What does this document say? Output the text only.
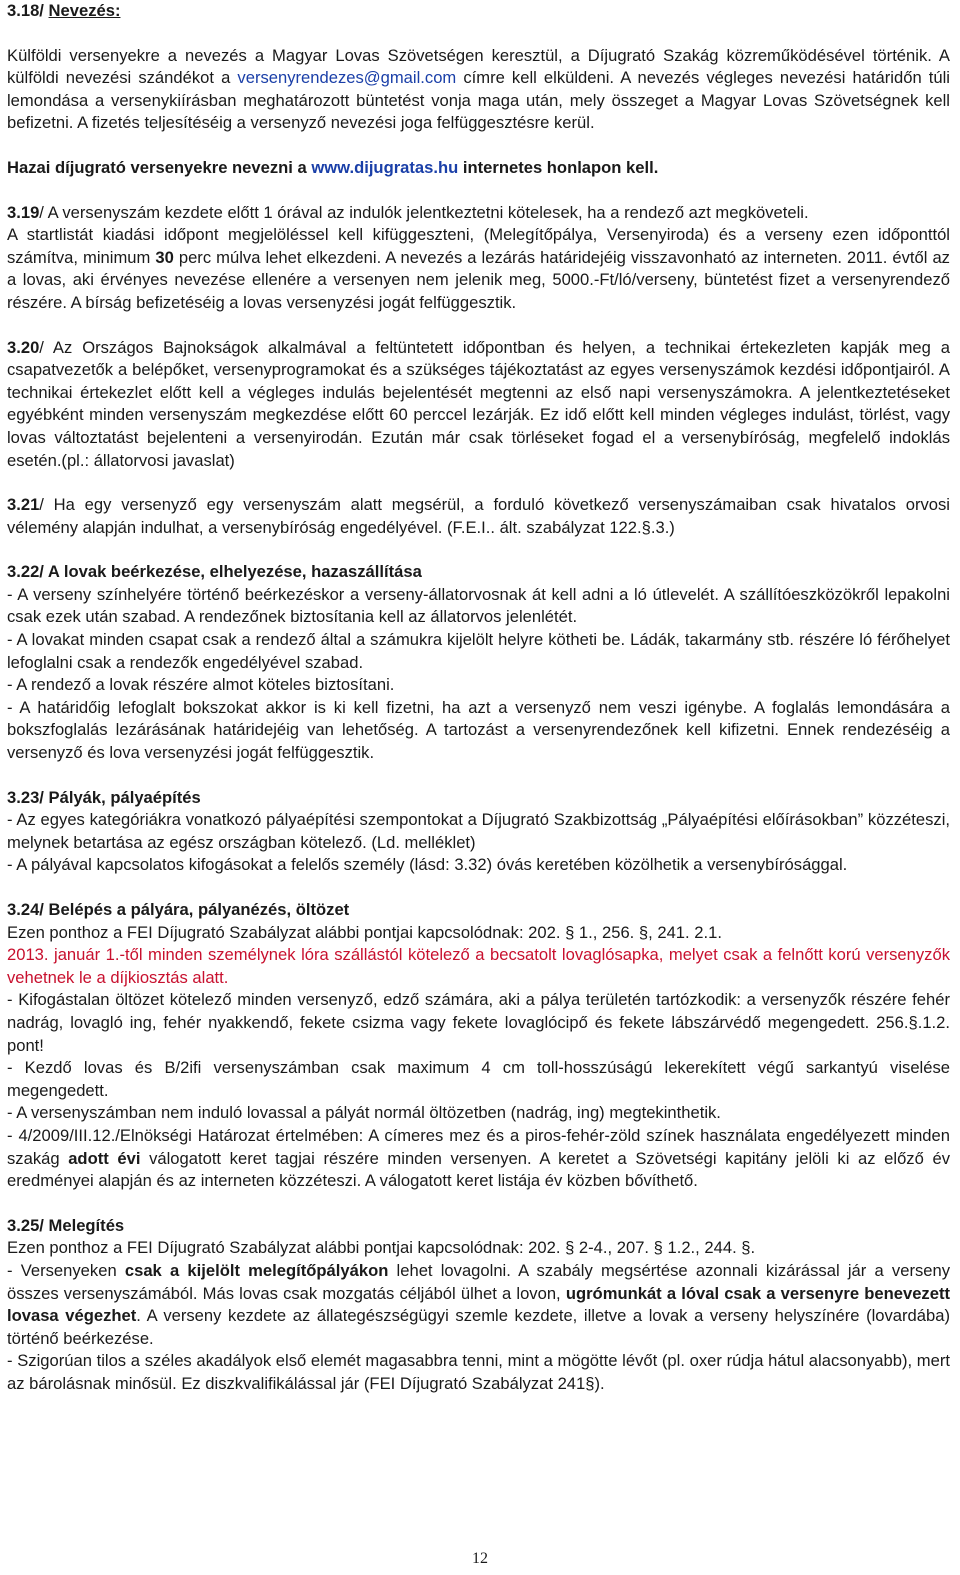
3.18/ Nevezés:

Külföldi versenyekre a nevezés a Magyar Lovas Szövetségen keresztül, a Díjugrató Szakág közreműködésével történik. A külföldi nevezési szándékot a versenyrendezes@gmail.com címre kell elküldeni. A nevezés végleges nevezési határidőn túli lemondása a versenykiírásban meghatározott büntetést vonja maga után, mely összeget a Magyar Lovas Szövetségnek kell befizetni. A fizetés teljesítéséig a versenyző nevezési joga felfüggesztésre kerül.

Hazai díjugrató versenyekre nevezni a www.dijugratas.hu internetes honlapon kell.

3.19/ A versenyszám kezdete előtt 1 órával az indulók jelentkeztetni kötelesek, ha a rendező azt megköveteli.

A startlistát kiadási időpont megjelöléssel kell kifüggeszteni, (Melegítőpálya, Versenyiroda) és a verseny ezen időponttól számítva, minimum 30 perc múlva lehet elkezdeni. A nevezés a lezárás határidejéig visszavonható az interneten. 2011. évtől az a lovas, aki érvényes nevezése ellenére a versenyen nem jelenik meg, 5000.-Ft/ló/verseny, büntetést fizet a versenyrendező részére. A bírság befizetéséig a lovas versenyzési jogát felfüggesztik.

3.20/ Az Országos Bajnokságok alkalmával a feltüntetett időpontban és helyen, a technikai értekezleten kapják meg a csapatvezetők a belépőket, versenyprogramokat és a szükséges tájékoztatást az egyes versenyszámok kezdési időpontjairól. A technikai értekezlet előtt kell a végleges indulás bejelentését megtenni az első napi versenyszámokra. A jelentkeztetéseket egyébként minden versenyszám megkezdése előtt 60 perccel lezárják. Ez idő előtt kell minden végleges indulást, törlést, vagy lovas változtatást bejelenteni a versenyirodán. Ezután már csak törléseket fogad el a versenybíróság, megfelelő indoklás esetén.(pl.: állatorvosi javaslat)

3.21/ Ha egy versenyző egy versenyszám alatt megsérül, a forduló következő versenyszámaiban csak hivatalos orvosi vélemény alapján indulhat, a versenybíróság engedélyével. (F.E.I.. ált. szabályzat 122.§.3.)

3.22/ A lovak beérkezése, elhelyezése, hazaszállítása

- A verseny színhelyére történő beérkezéskor a verseny-állatorvosnak át kell adni a ló útlevelét. A szállítóeszközökről lepakolni csak ezek után szabad. A rendezőnek biztosítania kell az állatorvos jelenlétét.

- A lovakat minden csapat csak a rendező által a számukra kijelölt helyre kötheti be. Ládák, takarmány stb. részére ló férőhelyet lefoglalni csak a rendezők engedélyével szabad.

- A rendező a lovak részére almot köteles biztosítani.

- A határidőig lefoglalt bokszokat akkor is ki kell fizetni, ha azt a versenyző nem veszi igénybe. A foglalás lemondására a bokszfoglalás lezárásának határidejéig van lehetőség. A tartozást a versenyrendezőnek kell kifizetni. Ennek rendezéséig a versenyző és lova versenyzési jogát felfüggesztik.

3.23/ Pályák, pályaépítés

- Az egyes kategóriákra vonatkozó pályaépítési szempontokat a Díjugrató Szakbizottság „Pályaépítési előírásokban” közzéteszi, melynek betartása az egész országban kötelező. (Ld. melléklet)

- A pályával kapcsolatos kifogásokat a felelős személy (lásd: 3.32) óvás keretében közölhetik a versenybírósággal.

3.24/ Belépés a pályára, pályanézés, öltözet

Ezen ponthoz a FEI Díjugrató Szabályzat alábbi pontjai kapcsolódnak: 202. § 1., 256. §, 241. 2.1.

2013. január 1.-től minden személynek lóra szállástól kötelező a becsatolt lovaglósapka, melyet csak a felnőtt korú versenyzők vehetnek le a díjkiosztás alatt.

- Kifogástalan öltözet kötelező minden versenyző, edző számára, aki a pálya területén tartózkodik: a versenyzők részére fehér nadrág, lovagló ing, fehér nyakkendő, fekete csizma vagy fekete lovaglócipő és fekete lábszárvédő megengedett. 256.§.1.2. pont!

- Kezdő lovas és B/2ifi versenyszámban csak maximum 4 cm toll-hosszúságú lekerekített végű sarkantyú viselése megengedett.

- A versenyszámban nem induló lovassal a pályát normál öltözetben (nadrág, ing) megtekinthetik.

- 4/2009/III.12./Elnökségi Határozat értelmében: A címeres mez és a piros-fehér-zöld színek használata engedélyezett minden szakág adott évi válogatott keret tagjai részére minden versenyen. A keretet a Szövetségi kapitány jelöli ki az előző év eredményei alapján és az interneten közzéteszi. A válogatott keret listája év közben bővíthető.

3.25/ Melegítés

Ezen ponthoz a FEI Díjugrató Szabályzat alábbi pontjai kapcsolódnak: 202. § 2-4., 207. § 1.2., 244. §.

- Versenyeken csak a kijelölt melegítőpályákon lehet lovagolni. A szabály megsértése azonnali kizárással jár a verseny összes versenyszámából. Más lovas csak mozgatás céljából ülhet a lovon, ugrómunkát a lóval csak a versenyre benevezett lovasa végezhet. A verseny kezdete az állategészségügyi szemle kezdete, illetve a lovak a verseny helyszínére (lovardába) történő beérkezése.

- Szigorúan tilos a széles akadályok első elemét magasabbra tenni, mint a mögötte lévőt (pl. oxer rúdja hátul alacsonyabb), mert az bárolásnak minősül. Ez diszkvalifikálással jár (FEI Díjugrató Szabályzat 241§).

12
